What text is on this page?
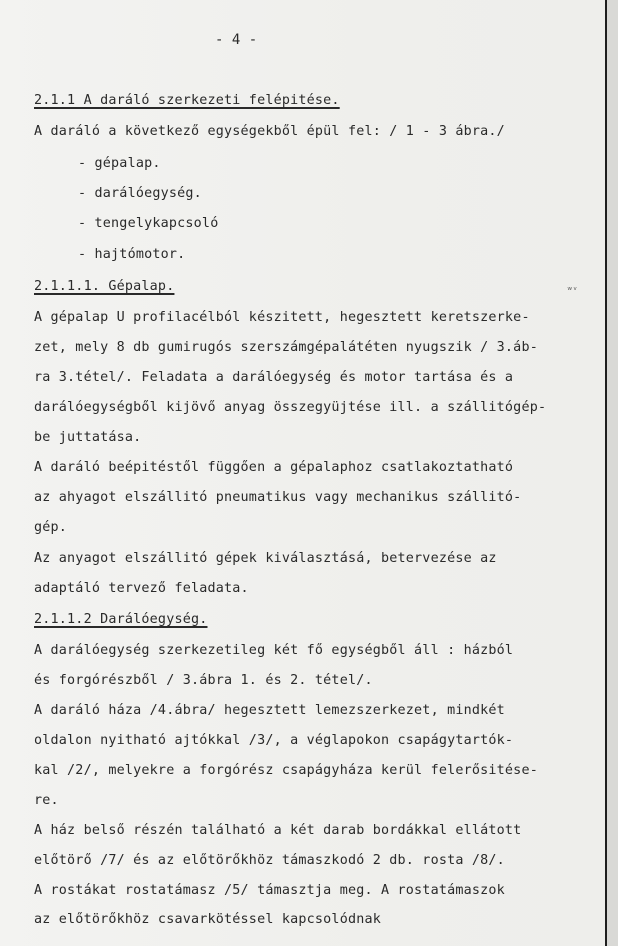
- 4 -
2.1.1 A daráló szerkezeti felépitése.
A daráló a következő egységekből épül fel: / 1 - 3 ábra./
- gépalap.
- darálóegység.
- tengelykapcsoló
- hajtómotor.
2.1.1.1. Gépalap.	ʷᵛ
A gépalap U profilacélból készitett, hegesztett keretszerke-
zet, mely 8 db gumirugós szerszámgépalátéten nyugszik / 3.áb-
ra 3.tétel/. Feladata a darálóegység és motor tartása és a
darálóegységből kijövő anyag összegyüjtése ill. a szállitógép-
be juttatása.
A daráló beépitéstől függően a gépalaphoz csatlakoztatható
az ahyagot elszállitó pneumatikus vagy mechanikus szállitó-
gép.
Az anyagot elszállitó gépek kiválasztásá, betervezése az
adaptáló tervező feladata.
2.1.1.2 Darálóegység.
A darálóegység szerkezetileg két fő egységből áll : házból
és forgórészből / 3.ábra 1. és 2. tétel/.
A daráló háza /4.ábra/ hegesztett lemezszerkezet, mindkét
oldalon nyitható ajtókkal /3/, a véglapokon csapágytartók-
kal /2/, melyekre a forgórész csapágyháza kerül felerősitése-
re.
A ház belső részén található a két darab bordákkal ellátott
előtörő /7/ és az előtörőkhöz támaszkodó 2 db. rosta /8/.
A rostákat rostatámasz /5/ támasztja meg. A rostatámaszok
az előtörőkhöz csavarkötéssel kapcsolódnak
